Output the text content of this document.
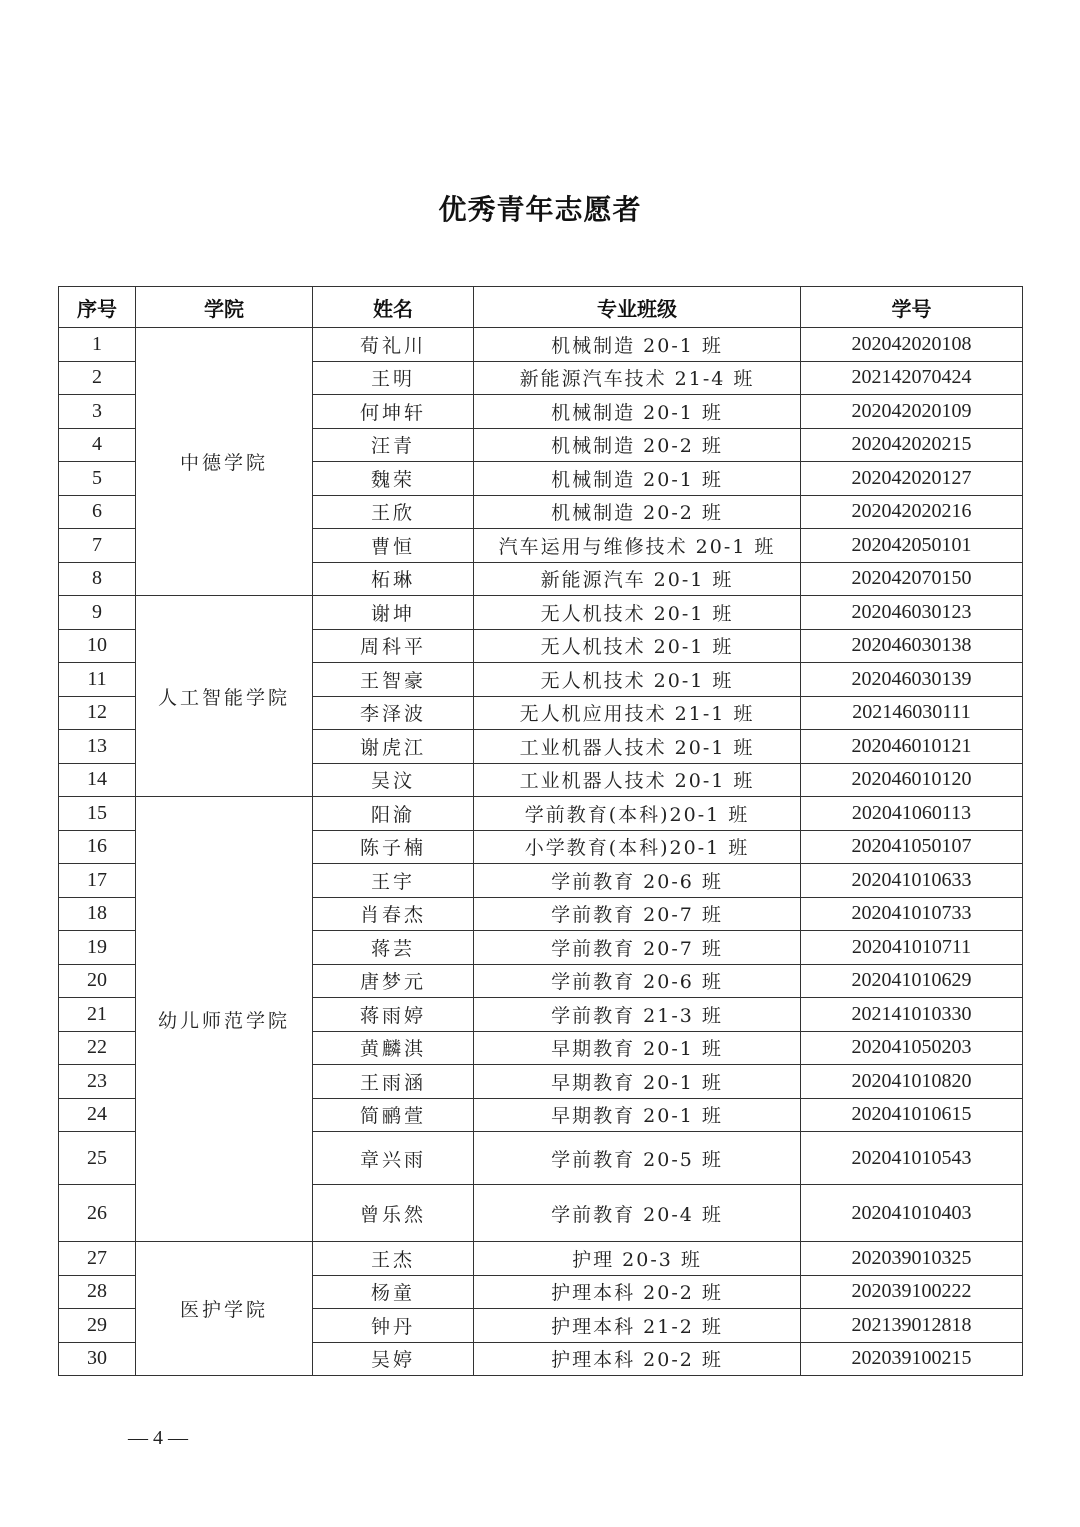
优秀青年志愿者
序号	学院	姓名	专业班级	学号
1	中德学院	荀礼川	机械制造 20-1 班	202042020108
2		王明	新能源汽车技术 21-4 班	202142070424
3		何坤轩	机械制造 20-1 班	202042020109
4		汪青	机械制造 20-2 班	202042020215
5		魏荣	机械制造 20-1 班	202042020127
6		王欣	机械制造 20-2 班	202042020216
7		曹恒	汽车运用与维修技术 20-1 班	202042050101
8		柘琳	新能源汽车 20-1 班	202042070150
9	人工智能学院	谢坤	无人机技术 20-1 班	202046030123
10		周科平	无人机技术 20-1 班	202046030138
11		王智豪	无人机技术 20-1 班	202046030139
12		李泽波	无人机应用技术 21-1 班	202146030111
13		谢虎江	工业机器人技术 20-1 班	202046010121
14		吴汶	工业机器人技术 20-1 班	202046010120
15	幼儿师范学院	阳渝	学前教育(本科)20-1 班	202041060113
16		陈子楠	小学教育(本科)20-1 班	202041050107
17		王宇	学前教育 20-6 班	202041010633
18		肖春杰	学前教育 20-7 班	202041010733
19		蒋芸	学前教育 20-7 班	202041010711
20		唐梦元	学前教育 20-6 班	202041010629
21		蒋雨婷	学前教育 21-3 班	202141010330
22		黄麟淇	早期教育 20-1 班	202041050203
23		王雨涵	早期教育 20-1 班	202041010820
24		简鹂萱	早期教育 20-1 班	202041010615
25		章兴雨	学前教育 20-5 班	202041010543
26		曾乐然	学前教育 20-4 班	202041010403
27	医护学院	王杰	护理 20-3 班	202039010325
28		杨童	护理本科 20-2 班	202039100222
29		钟丹	护理本科 21-2 班	202139012818
30		吴婷	护理本科 20-2 班	202039100215
— 4 —
